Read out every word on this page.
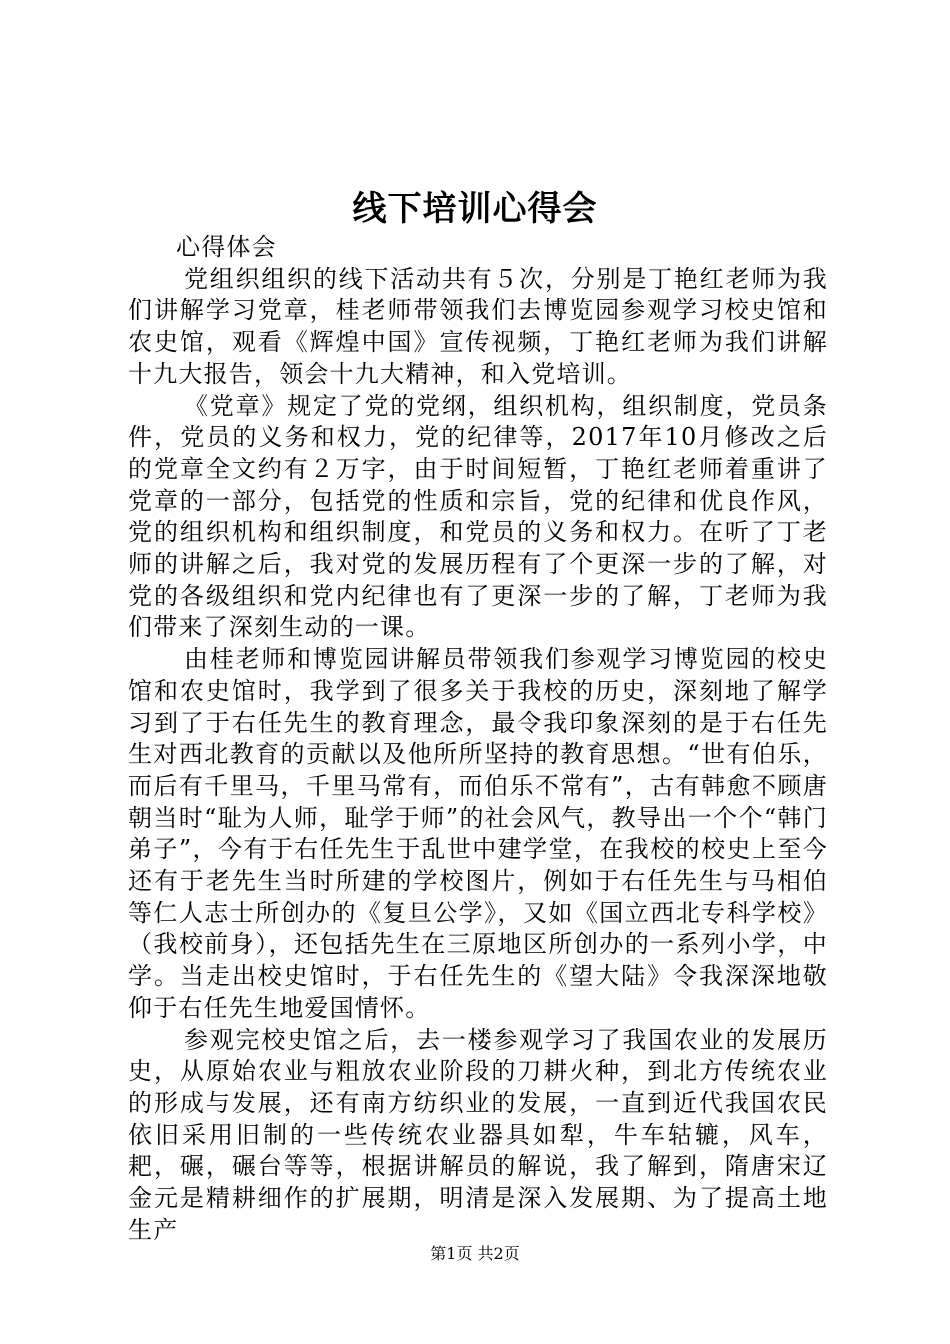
线下培训心得会

心得体会

党组织组织的线下活动共有５次，分别是丁艳红老师为我们讲解学习党章，桂老师带领我们去博览园参观学习校史馆和农史馆，观看《辉煌中国》宣传视频，丁艳红老师为我们讲解十九大报告，领会十九大精神，和入党培训。

《党章》规定了党的党纲，组织机构，组织制度，党员条件，党员的义务和权力，党的纪律等，2017年10月修改之后的党章全文约有２万字，由于时间短暂，丁艳红老师着重讲了党章的一部分，包括党的性质和宗旨，党的纪律和优良作风，党的组织机构和组织制度，和党员的义务和权力。在听了丁老师的讲解之后，我对党的发展历程有了个更深一步的了解，对党的各级组织和党内纪律也有了更深一步的了解，丁老师为我们带来了深刻生动的一课。

由桂老师和博览园讲解员带领我们参观学习博览园的校史馆和农史馆时，我学到了很多关于我校的历史，深刻地了解学习到了于右任先生的教育理念，最令我印象深刻的是于右任先生对西北教育的贡献以及他所所坚持的教育思想。“世有伯乐，而后有千里马，千里马常有，而伯乐不常有”，古有韩愈不顾唐朝当时“耻为人师，耻学于师”的社会风气，教导出一个个“韩门弟子”，今有于右任先生于乱世中建学堂，在我校的校史上至今还有于老先生当时所建的学校图片，例如于右任先生与马相伯等仁人志士所创办的《复旦公学》，又如《国立西北专科学校》（我校前身），还包括先生在三原地区所创办的一系列小学，中学。当走出校史馆时，于右任先生的《望大陆》令我深深地敬仰于右任先生地爱国情怀。

参观完校史馆之后，去一楼参观学习了我国农业的发展历史，从原始农业与粗放农业阶段的刀耕火种，到北方传统农业的形成与发展，还有南方纺织业的发展，一直到近代我国农民依旧采用旧制的一些传统农业器具如犁，牛车轱辘，风车，耙，碾，碾台等等，根据讲解员的解说，我了解到，隋唐宋辽金元是精耕细作的扩展期，明清是深入发展期、为了提高土地生产

第1页 共2页
